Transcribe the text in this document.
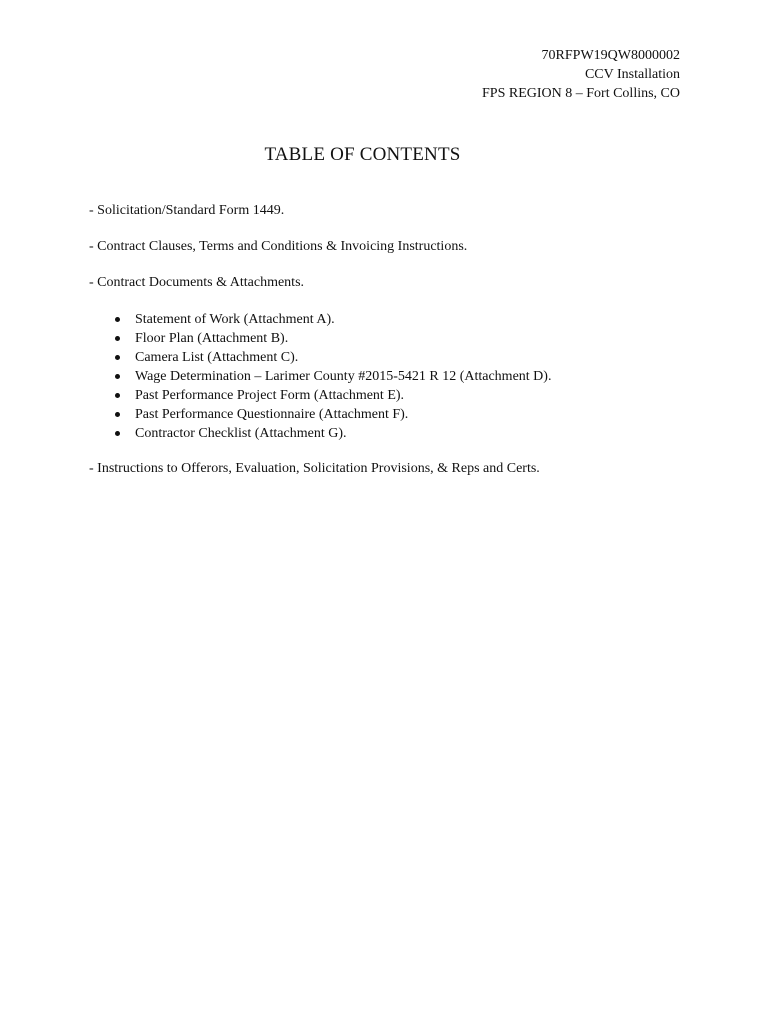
70RFPW19QW8000002
CCV Installation
FPS REGION 8 – Fort Collins, CO
TABLE OF CONTENTS
- Solicitation/Standard Form 1449.
- Contract Clauses, Terms and Conditions & Invoicing Instructions.
- Contract Documents & Attachments.
Statement of Work (Attachment A).
Floor Plan (Attachment B).
Camera List (Attachment C).
Wage Determination – Larimer County #2015-5421 R 12 (Attachment D).
Past Performance Project Form (Attachment E).
Past Performance Questionnaire (Attachment F).
Contractor Checklist (Attachment G).
- Instructions to Offerors, Evaluation, Solicitation Provisions, & Reps and Certs.
